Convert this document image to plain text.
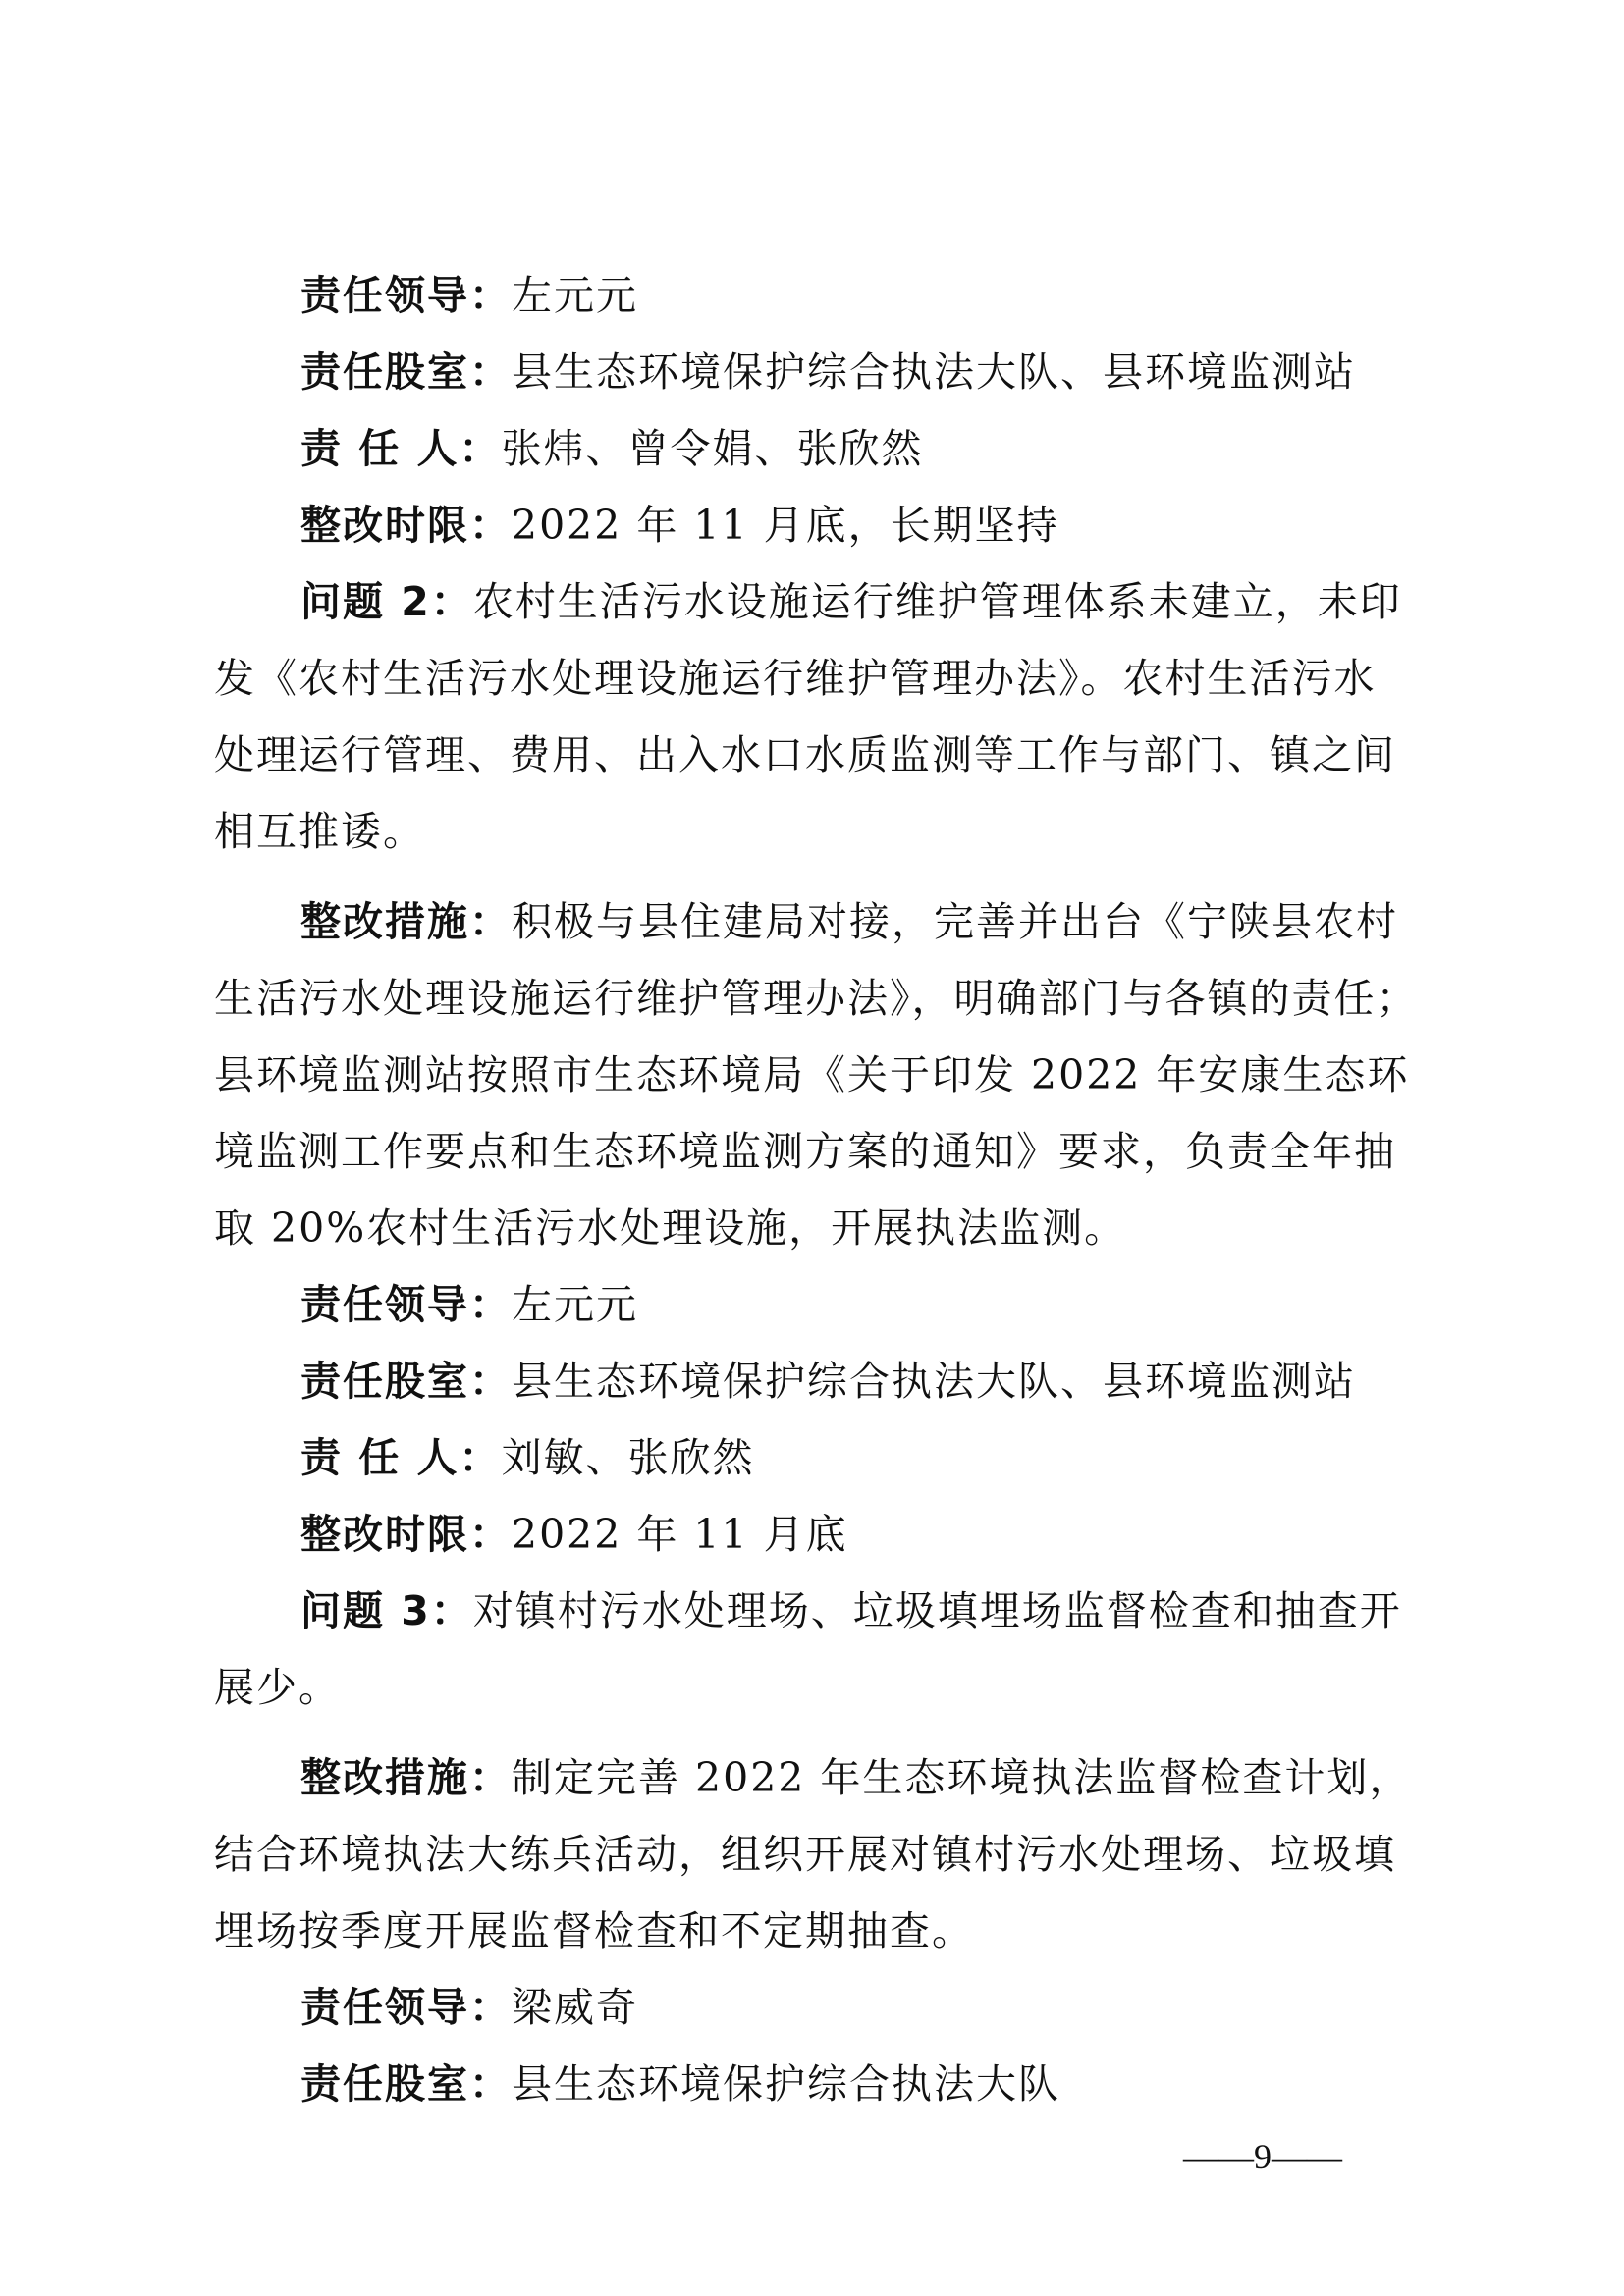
责任领导：左元元
责任股室：县生态环境保护综合执法大队、县环境监测站
责 任 人：张炜、曾令娟、张欣然
整改时限：2022 年 11 月底，长期坚持
问题 2：农村生活污水设施运行维护管理体系未建立，未印
发《农村生活污水处理设施运行维护管理办法》。农村生活污水
处理运行管理、费用、出入水口水质监测等工作与部门、镇之间
相互推诿。
整改措施：积极与县住建局对接，完善并出台《宁陕县农村
生活污水处理设施运行维护管理办法》，明确部门与各镇的责任；
县环境监测站按照市生态环境局《关于印发 2022 年安康生态环
境监测工作要点和生态环境监测方案的通知》要求，负责全年抽
取 20%农村生活污水处理设施，开展执法监测。
责任领导：左元元
责任股室：县生态环境保护综合执法大队、县环境监测站
责 任 人：刘敏、张欣然
整改时限：2022 年 11 月底
问题 3：对镇村污水处理场、垃圾填埋场监督检查和抽查开
展少。
整改措施：制定完善 2022 年生态环境执法监督检查计划，
结合环境执法大练兵活动，组织开展对镇村污水处理场、垃圾填
埋场按季度开展监督检查和不定期抽查。
责任领导：梁威奇
责任股室：县生态环境保护综合执法大队
——9——
